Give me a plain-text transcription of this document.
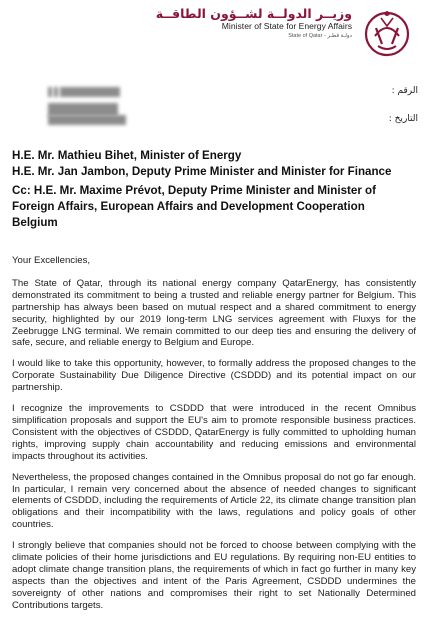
وزيــر الدولــة لشــؤون الطاقــة
Minister of State for Energy Affairs
State of Qatar - دولـة قطـر
الرقم :
التاريخ :
H.E. Mr. Mathieu Bihet, Minister of Energy
H.E. Mr. Jan Jambon, Deputy Prime Minister and Minister for Finance
Cc: H.E. Mr. Maxime Prévot, Deputy Prime Minister and Minister of Foreign Affairs, European Affairs and Development Cooperation
Belgium

Your Excellencies,

The State of Qatar, through its national energy company QatarEnergy, has consistently demonstrated its commitment to being a trusted and reliable energy partner for Belgium. This partnership has always been based on mutual respect and a shared commitment to energy security, highlighted by our 2019 long-term LNG services agreement with Fluxys for the Zeebrugge LNG terminal. We remain committed to our deep ties and ensuring the delivery of safe, secure, and reliable energy to Belgium and Europe.

I would like to take this opportunity, however, to formally address the proposed changes to the Corporate Sustainability Due Diligence Directive (CSDDD) and its potential impact on our partnership.

I recognize the improvements to CSDDD that were introduced in the recent Omnibus simplification proposals and support the EU's aim to promote responsible business practices. Consistent with the objectives of CSDDD, QatarEnergy is fully committed to upholding human rights, improving supply chain accountability and reducing emissions and environmental impacts throughout its activities.

Nevertheless, the proposed changes contained in the Omnibus proposal do not go far enough. In particular, I remain very concerned about the absence of needed changes to significant elements of CSDDD, including the requirements of Article 22, its climate change transition plan obligations and their incompatibility with the laws, regulations and policy goals of other countries.

I strongly believe that companies should not be forced to choose between complying with the climate policies of their home jurisdictions and EU regulations. By requiring non-EU entities to adopt climate change transition plans, the requirements of which in fact go further in many key aspects than the objectives and intent of the Paris Agreement, CSDDD undermines the sovereignty of other nations and compromises their right to set Nationally Determined Contributions targets.
